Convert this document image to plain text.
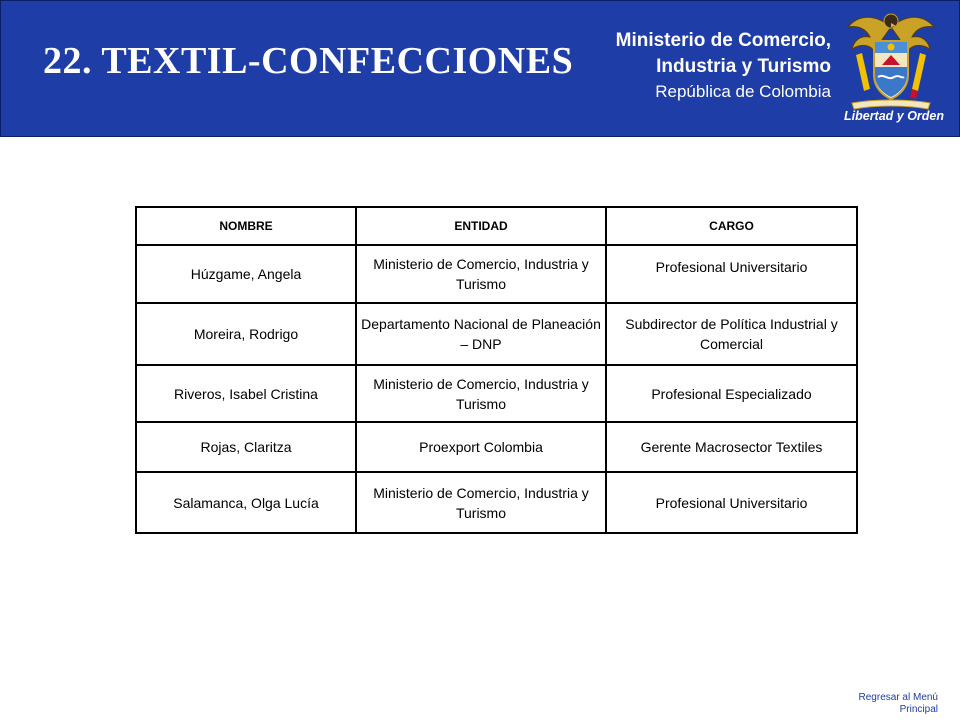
22. TEXTIL-CONFECCIONES Ministerio de Comercio,
Industria y Turismo
República de Colombia
Libertad y Orden
NOMBRE	ENTIDAD	CARGO
Húzgame, Angela	Ministerio de Comercio, Industria y Turismo	Profesional Universitario
Moreira, Rodrigo	Departamento Nacional de Planeación – DNP	Subdirector de Política Industrial y Comercial
Riveros, Isabel Cristina	Ministerio de Comercio, Industria y Turismo	Profesional Especializado
Rojas, Claritza	Proexport Colombia	Gerente Macrosector Textiles
Salamanca, Olga Lucía	Ministerio de Comercio, Industria y Turismo	Profesional Universitario
Regresar al Menú
Principal
